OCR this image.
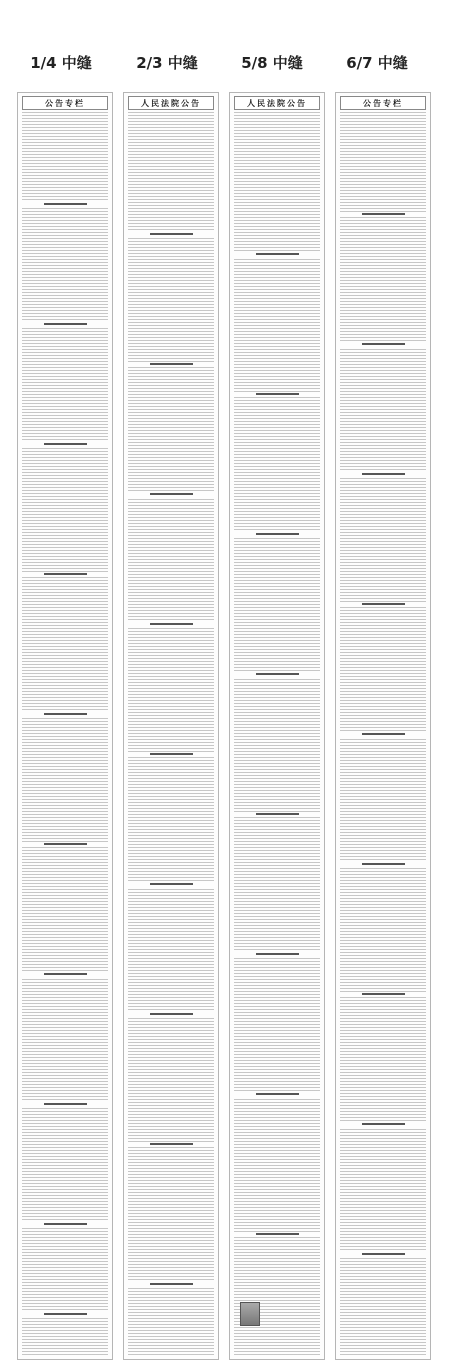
1/4 中缝	2/3 中缝	5/8 中缝	6/7 中缝
公告专栏	人民法院公告	人民法院公告	公告专栏
